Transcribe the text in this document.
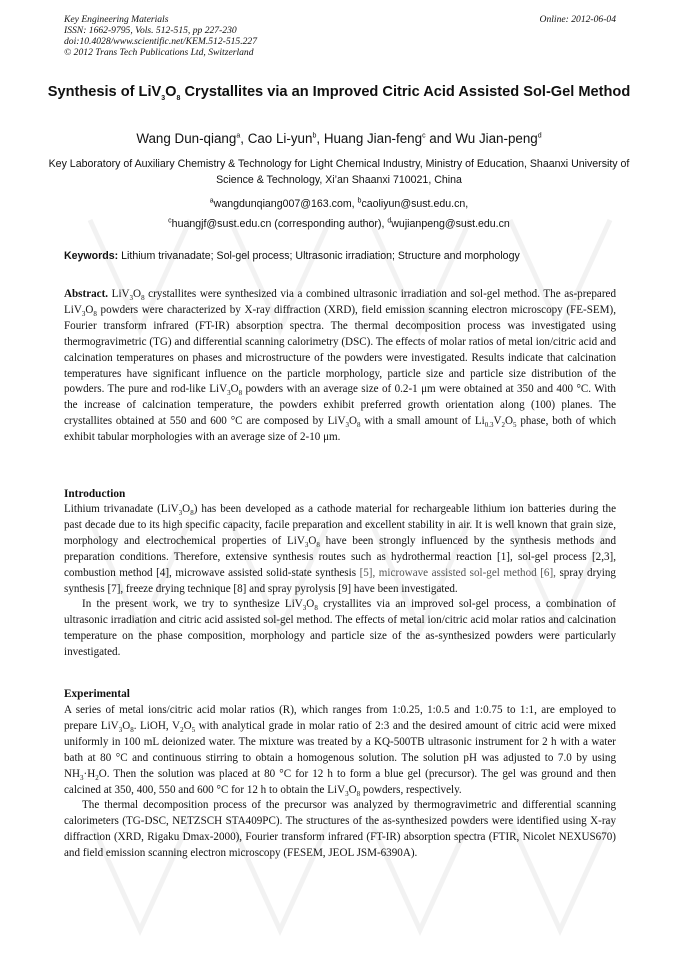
Key Engineering Materials
ISSN: 1662-9795, Vols. 512-515, pp 227-230
doi:10.4028/www.scientific.net/KEM.512-515.227
© 2012 Trans Tech Publications Ltd, Switzerland
Online: 2012-06-04
Synthesis of $LiV_3O_8$ Crystallites via an Improved Citric Acid Assisted Sol-Gel Method
Wang Dun-qiang$^a$, Cao Li-yun$^b$, Huang Jian-feng$^c$ and Wu Jian-peng$^d$
Key Laboratory of Auxiliary Chemistry & Technology for Light Chemical Industry, Ministry of Education, Shaanxi University of Science & Technology, Xi’an Shaanxi 710021, China
$^a$wangdunqiang007@163.com, $^b$caoliyun@sust.edu.cn,
$^c$huangjf@sust.edu.cn (corresponding author), $^d$wujianpeng@sust.edu.cn
Keywords: Lithium trivanadate; Sol-gel process; Ultrasonic irradiation; Structure and morphology

Abstract. $LiV_3O_8$ crystallites were synthesized via a combined ultrasonic irradiation and sol-gel method. The as-prepared $LiV_3O_8$ powders were characterized by X-ray diffraction (XRD), field emission scanning electron microscopy (FE-SEM), Fourier transform infrared (FT-IR) absorption spectra. The thermal decomposition process was investigated using thermogravimetric (TG) and differential scanning calorimetry (DSC). The effects of molar ratios of metal ion/citric acid and calcination temperatures on phases and microstructure of the powders were investigated. Results indicate that calcination temperatures have significant influence on the particle morphology, particle size and particle size distribution of the powders. The pure and rod-like $LiV_3O_8$ powders with an average size of 0.2-1 μm were obtained at 350 and 400 °C. With the increase of calcination temperature, the powders exhibit preferred growth orientation along (100) planes. The crystallites obtained at 550 and 600 °C are composed by $LiV_3O_8$ with a small amount of $Li_{0.3}V_2O_5$ phase, both of which exhibit tabular morphologies with an average size of 2-10 μm.

Introduction

Lithium trivanadate $(LiV_3O_8)$ has been developed as a cathode material for rechargeable lithium ion batteries during the past decade due to its high specific capacity, facile preparation and excellent stability in air. It is well known that grain size, morphology and electrochemical properties of $LiV_3O_8$ have been strongly influenced by the synthesis methods and preparation conditions. Therefore, extensive synthesis routes such as hydrothermal reaction [1], sol-gel process [2,3], combustion method [4], microwave assisted solid-state synthesis [5], microwave assisted sol-gel method [6], spray drying synthesis [7], freeze drying technique [8] and spray pyrolysis [9] have been investigated.

In the present work, we try to synthesize $LiV_3O_8$ crystallites via an improved sol-gel process, a combination of ultrasonic irradiation and citric acid assisted sol-gel method. The effects of metal ion/citric acid molar ratios and calcination temperature on the phase composition, morphology and particle size of the as-synthesized powders were particularly investigated.

Experimental

A series of metal ions/citric acid molar ratios (R), which ranges from 1:0.25, 1:0.5 and 1:0.75 to 1:1, are employed to prepare $LiV_3O_8$. LiOH, $V_2O_5$ with analytical grade in molar ratio of 2:3 and the desired amount of citric acid were mixed uniformly in 100 mL deionized water. The mixture was treated by a KQ-500TB ultrasonic instrument for 2 h with a water bath at 80 °C and continuous stirring to obtain a homogenous solution. The solution pH was adjusted to 7.0 by using $NH_3\cdot H_2O$. Then the solution was placed at 80 °C for 12 h to form a blue gel (precursor). The gel was ground and then calcined at 350, 400, 550 and 600 °C for 12 h to obtain the $LiV_3O_8$ powders, respectively.

The thermal decomposition process of the precursor was analyzed by thermogravimetric and differential scanning calorimeters (TG-DSC, NETZSCH STA409PC). The structures of the as-synthesized powders were identified using X-ray diffraction (XRD, Rigaku Dmax-2000), Fourier transform infrared (FT-IR) absorption spectra (FTIR, Nicolet NEXUS670) and field emission scanning electron microscopy (FESEM, JEOL JSM-6390A).
